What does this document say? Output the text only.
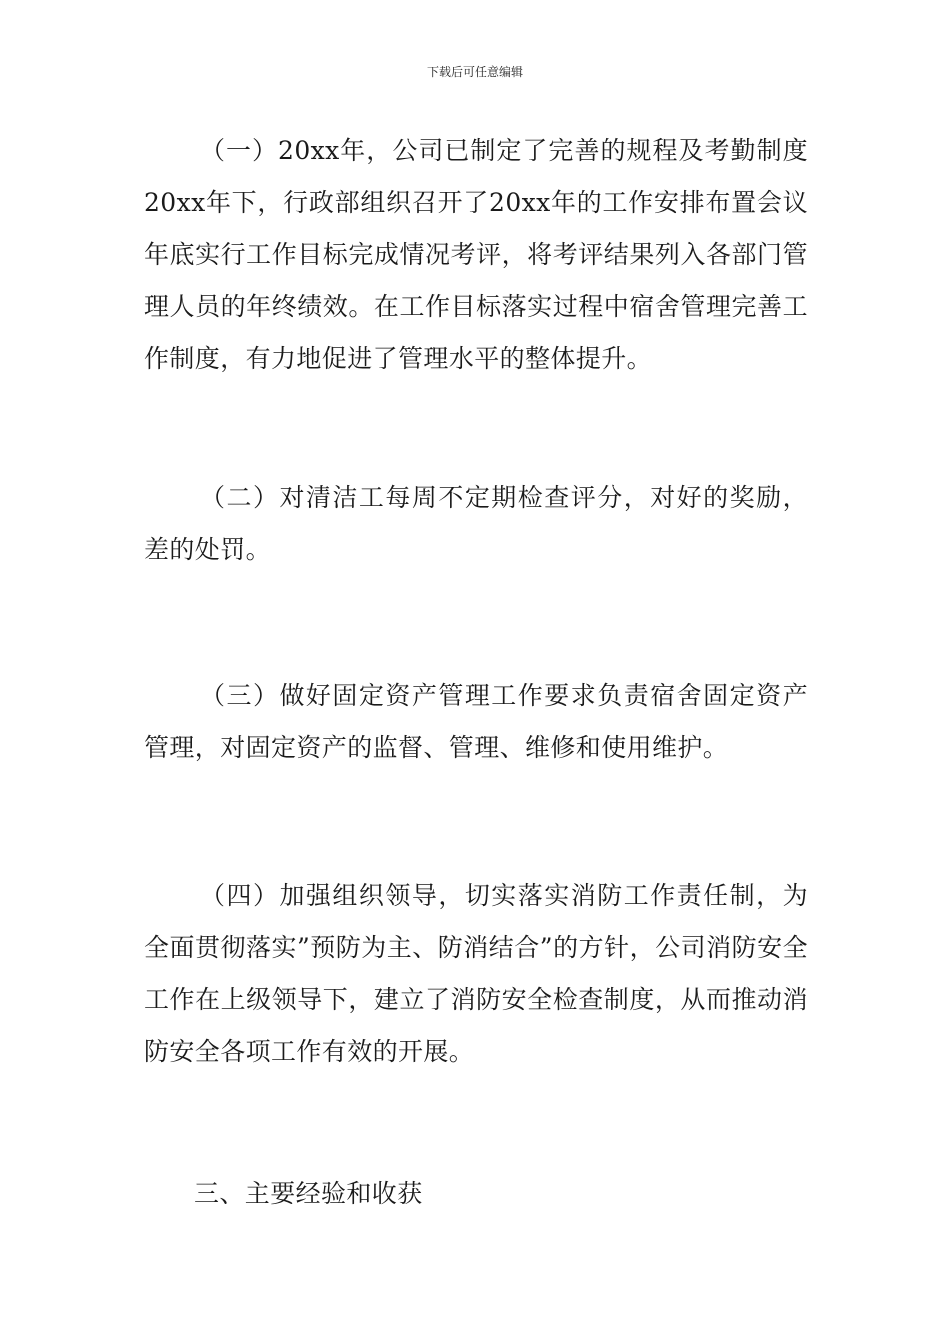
下载后可任意编辑

（一）20xx年，公司已制定了完善的规程及考勤制度20xx年下，行政部组织召开了20xx年的工作安排布置会议年底实行工作目标完成情况考评，将考评结果列入各部门管理人员的年终绩效。在工作目标落实过程中宿舍管理完善工作制度，有力地促进了管理水平的整体提升。

（二）对清洁工每周不定期检查评分，对好的奖励，差的处罚。

（三）做好固定资产管理工作要求负责宿舍固定资产管理，对固定资产的监督、管理、维修和使用维护。

（四）加强组织领导，切实落实消防工作责任制，为全面贯彻落实”预防为主、防消结合”的方针，公司消防安全工作在上级领导下，建立了消防安全检查制度，从而推动消防安全各项工作有效的开展。

三、主要经验和收获
